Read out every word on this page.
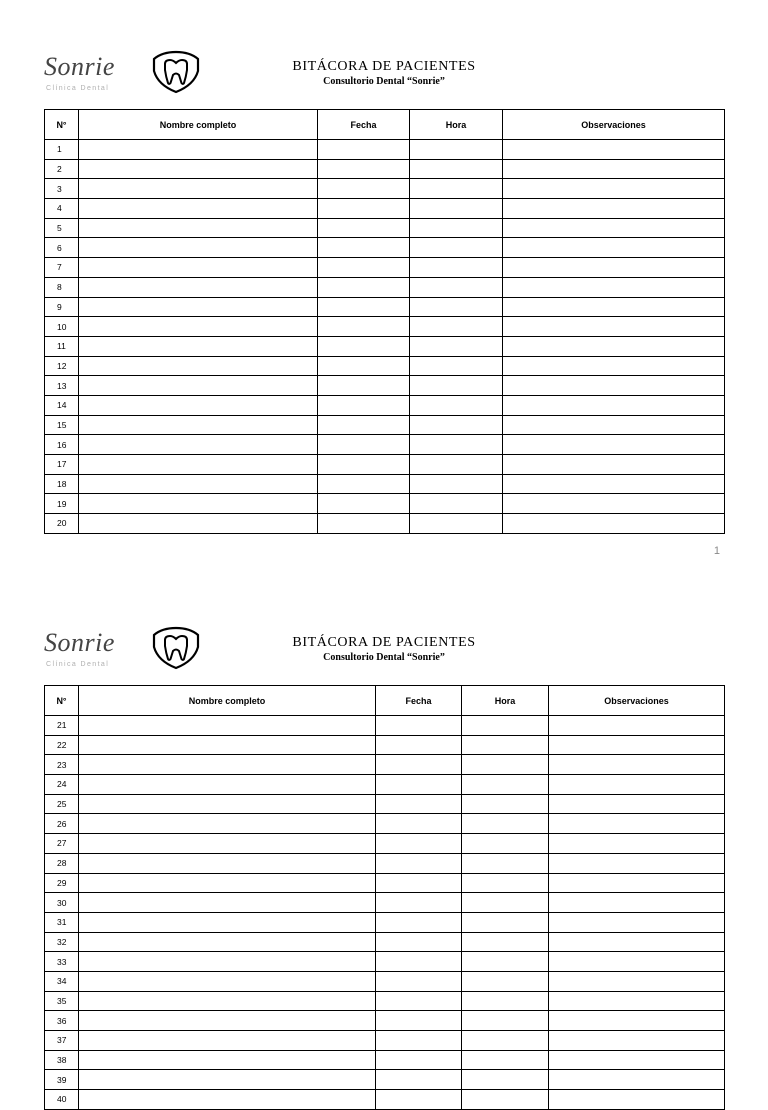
Sonrie
Clínica Dental
BITÁCORA DE PACIENTES
Consultorio Dental “Sonrie”
N°	Nombre completo	Fecha	Hora	Observaciones
1				
2				
3				
4				
5				
6				
7				
8				
9				
10				
11				
12				
13				
14				
15				
16				
17				
18				
19				
20				
1
Sonrie
Clínica Dental
BITÁCORA DE PACIENTES
Consultorio Dental “Sonrie”
N°	Nombre completo	Fecha	Hora	Observaciones
21				
22				
23				
24				
25				
26				
27				
28				
29				
30				
31				
32				
33				
34				
35				
36				
37				
38				
39				
40				
